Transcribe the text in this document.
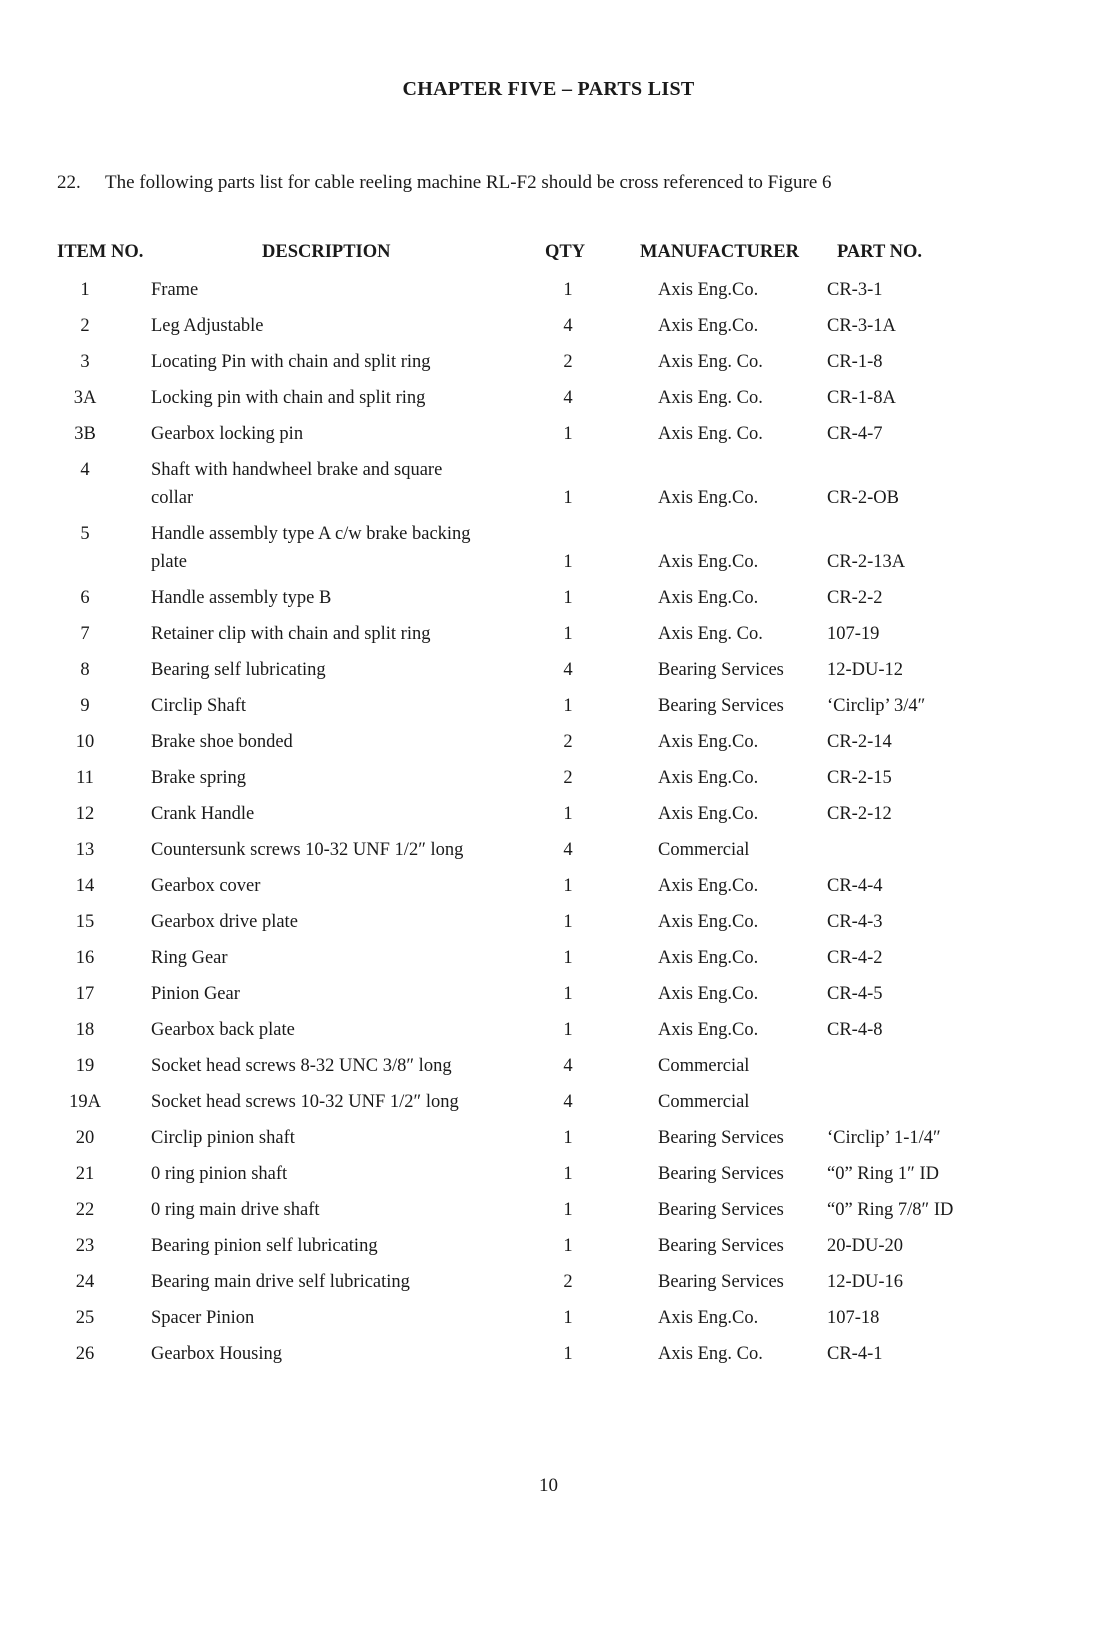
CHAPTER FIVE – PARTS LIST
22. The following parts list for cable reeling machine RL-F2 should be cross referenced to Figure 6
ITEM NO.	DESCRIPTION	QTY	MANUFACTURER PART NO.
1	Frame	1	Axis Eng.Co.	CR-3-1
2	Leg Adjustable	4	Axis Eng.Co.	CR-3-1A
3	Locating Pin with chain and split ring	2	Axis Eng. Co.	CR-1-8
3A	Locking pin with chain and split ring	4	Axis Eng. Co.	CR-1-8A
3B	Gearbox locking pin	1	Axis Eng. Co.	CR-4-7
4	Shaft with handwheel brake and square
collar	1	Axis Eng.Co.	CR-2-OB
5	Handle assembly type A c/w brake backing
plate	1	Axis Eng.Co.	CR-2-13A
6	Handle assembly type B	1	Axis Eng.Co.	CR-2-2
7	Retainer clip with chain and split ring	1	Axis Eng. Co.	107-19
8	Bearing self lubricating	4	Bearing Services 12-DU-12
9	Circlip Shaft	1	Bearing Services ‘Circlip’ 3/4″
10	Brake shoe bonded	2	Axis Eng.Co.	CR-2-14
11	Brake spring	2	Axis Eng.Co.	CR-2-15
12	Crank Handle	1	Axis Eng.Co.	CR-2-12
13	Countersunk screws 10-32 UNF 1/2″ long	4	Commercial
14	Gearbox cover	1	Axis Eng.Co.	CR-4-4
15	Gearbox drive plate	1	Axis Eng.Co.	CR-4-3
16	Ring Gear	1	Axis Eng.Co.	CR-4-2
17	Pinion Gear	1	Axis Eng.Co.	CR-4-5
18	Gearbox back plate	1	Axis Eng.Co.	CR-4-8
19	Socket head screws 8-32 UNC 3/8″ long	4	Commercial
19A	Socket head screws 10-32 UNF 1/2″ long	4	Commercial
20	Circlip pinion shaft	1	Bearing Services ‘Circlip’ 1-1/4″
21	0 ring pinion shaft	1	Bearing Services “0” Ring 1″ ID
22	0 ring main drive shaft	1	Bearing Services “0” Ring 7/8″ ID
23	Bearing pinion self lubricating	1	Bearing Services 20-DU-20
24	Bearing main drive self lubricating	2	Bearing Services 12-DU-16
25	Spacer Pinion	1	Axis Eng.Co.	107-18
26	Gearbox Housing	1	Axis Eng. Co.	CR-4-1
10
